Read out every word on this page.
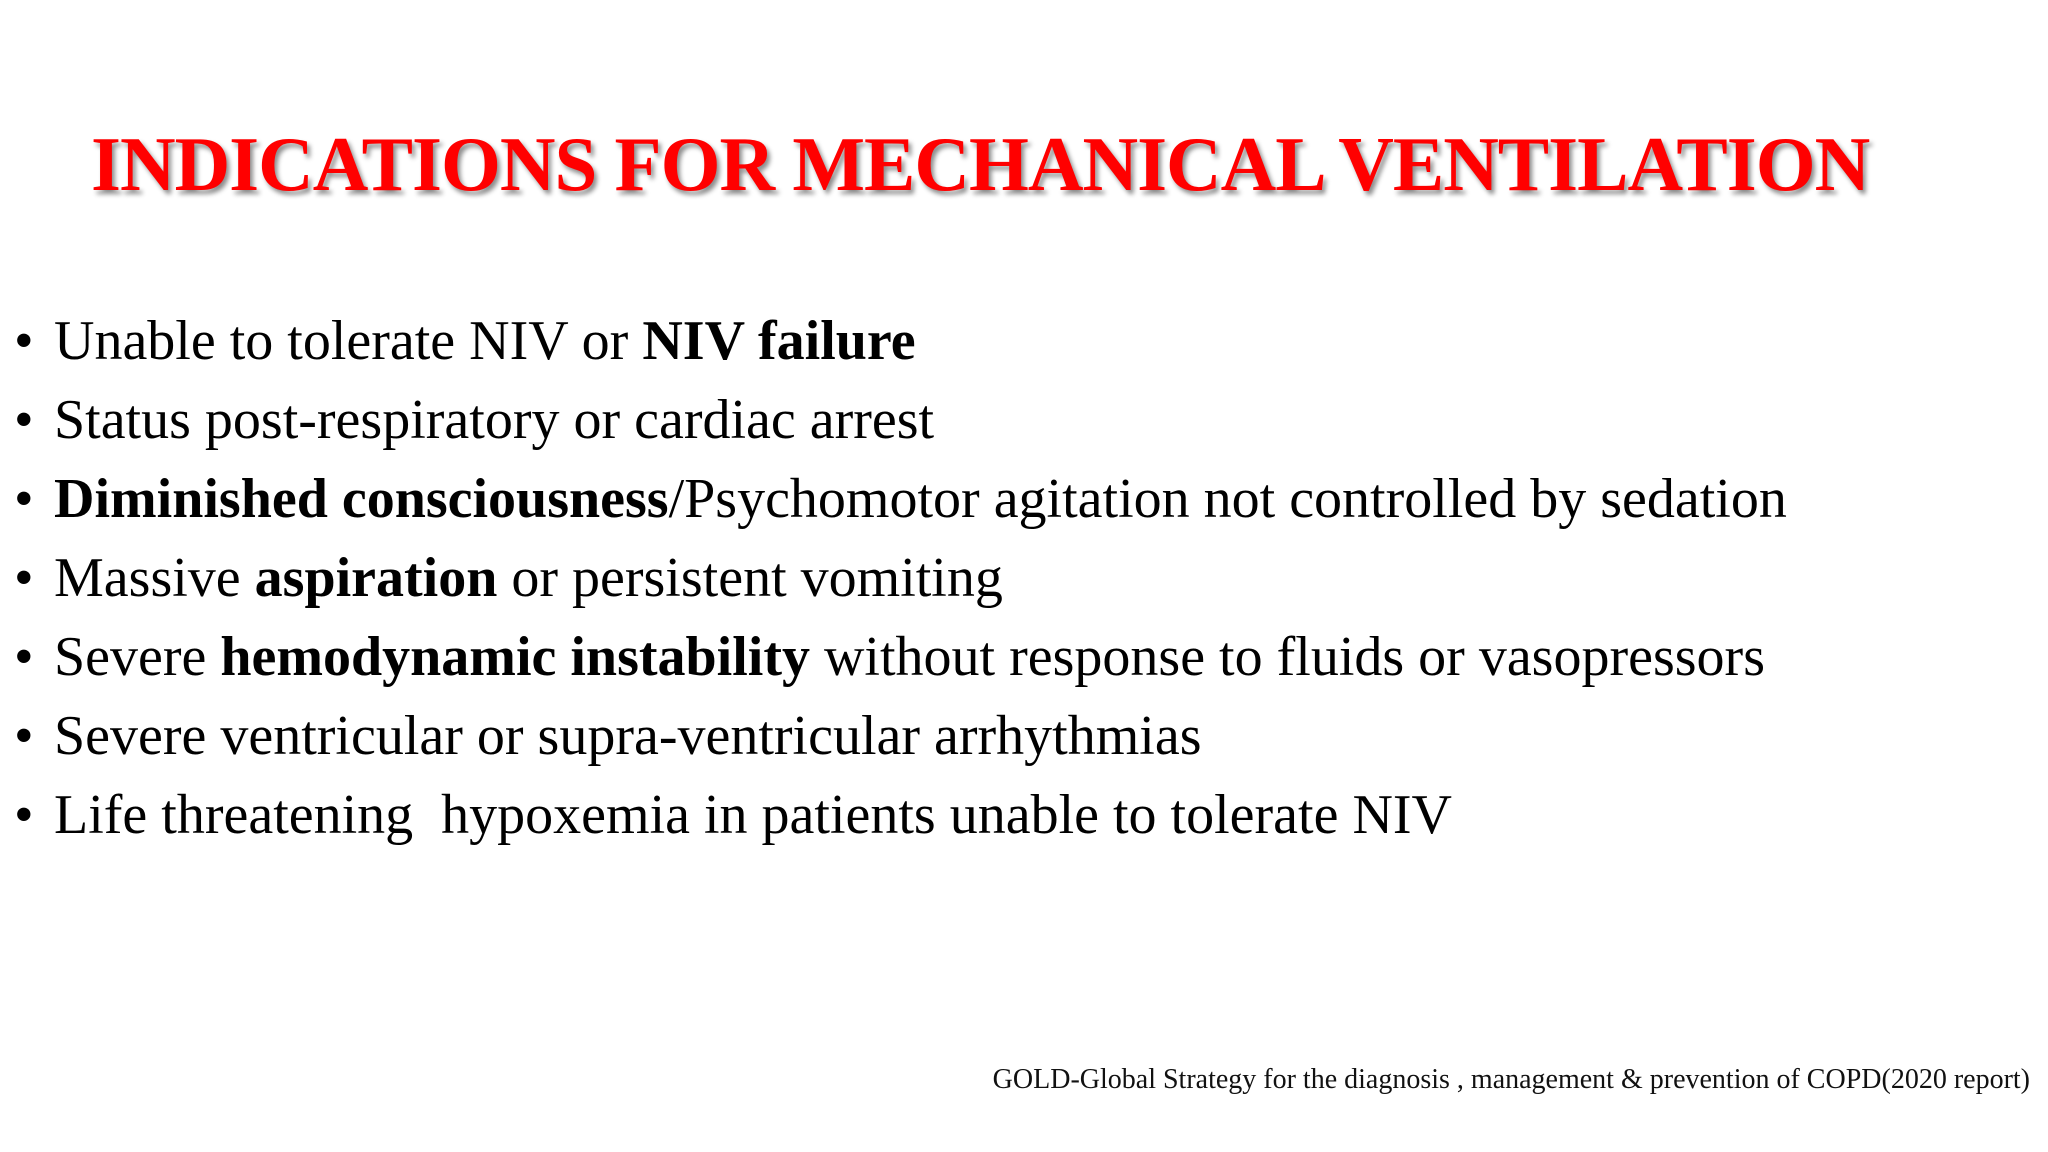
INDICATIONS FOR MECHANICAL VENTILATION
• Unable to tolerate NIV or NIV failure
• Status post-respiratory or cardiac arrest
• Diminished consciousness/Psychomotor agitation not controlled by sedation
• Massive aspiration or persistent vomiting
• Severe hemodynamic instability without response to fluids or vasopressors
• Severe ventricular or supra-ventricular arrhythmias
• Life threatening  hypoxemia in patients unable to tolerate NIV
GOLD-Global Strategy for the diagnosis , management & prevention of COPD(2020 report)
